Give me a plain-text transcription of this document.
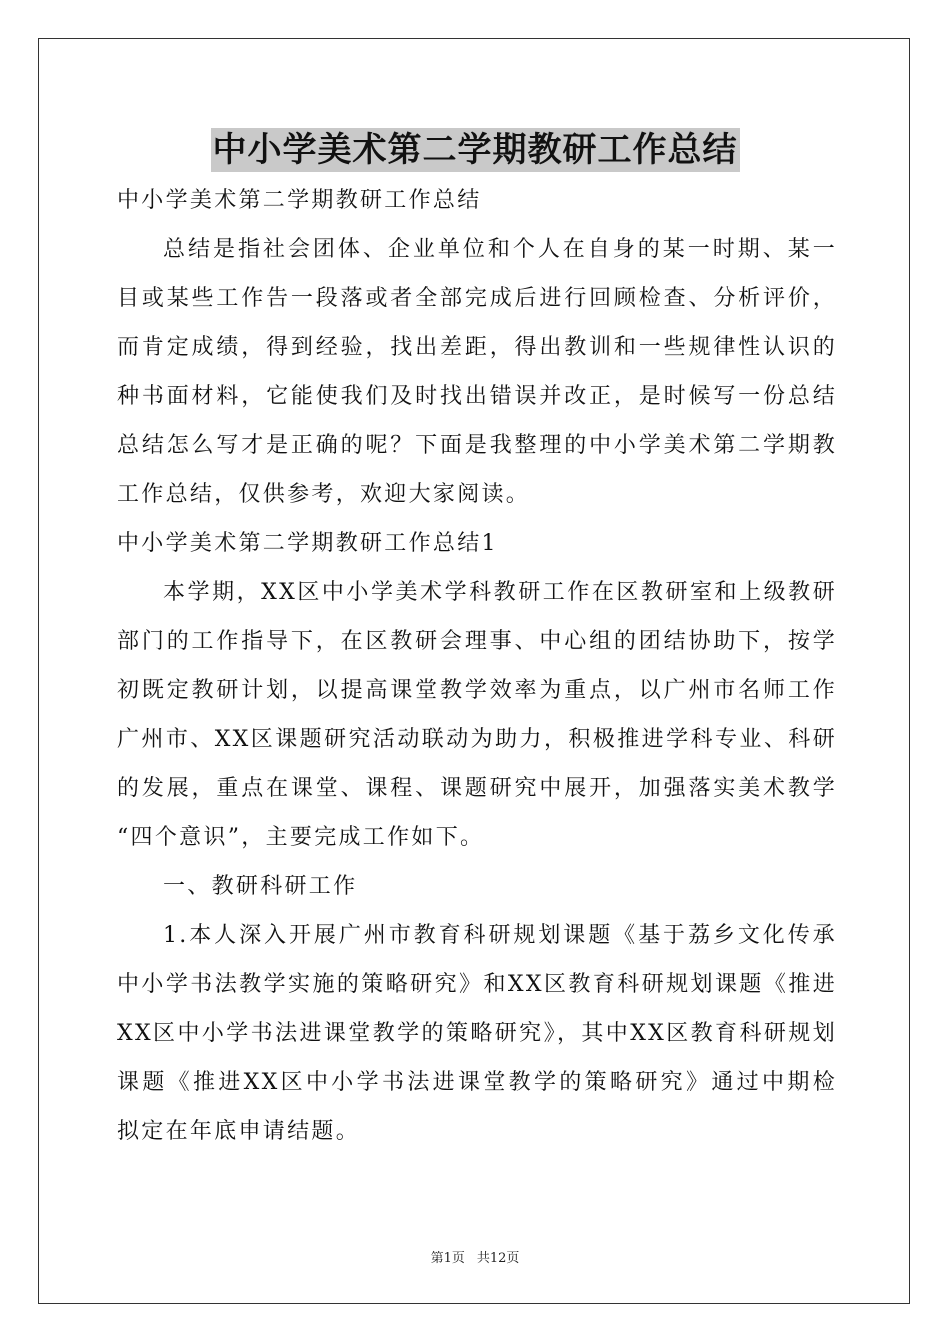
中小学美术第二学期教研工作总结
中小学美术第二学期教研工作总结
总结是指社会团体、企业单位和个人在自身的某一时期、某一
目或某些工作告一段落或者全部完成后进行回顾检查、分析评价，
而肯定成绩，得到经验，找出差距，得出教训和一些规律性认识的
种书面材料，它能使我们及时找出错误并改正，是时候写一份总结
总结怎么写才是正确的呢？下面是我整理的中小学美术第二学期教
工作总结，仅供参考，欢迎大家阅读。
中小学美术第二学期教研工作总结1
本学期，XX区中小学美术学科教研工作在区教研室和上级教研
部门的工作指导下，在区教研会理事、中心组的团结协助下，按学
初既定教研计划，以提高课堂教学效率为重点，以广州市名师工作
广州市、XX区课题研究活动联动为助力，积极推进学科专业、科研
的发展，重点在课堂、课程、课题研究中展开，加强落实美术教学
“四个意识”，主要完成工作如下。
一、教研科研工作
1.本人深入开展广州市教育科研规划课题《基于荔乡文化传承
中小学书法教学实施的策略研究》和XX区教育科研规划课题《推进
XX区中小学书法进课堂教学的策略研究》，其中XX区教育科研规划
课题《推进XX区中小学书法进课堂教学的策略研究》通过中期检
拟定在年底申请结题。
第1页 共12页
